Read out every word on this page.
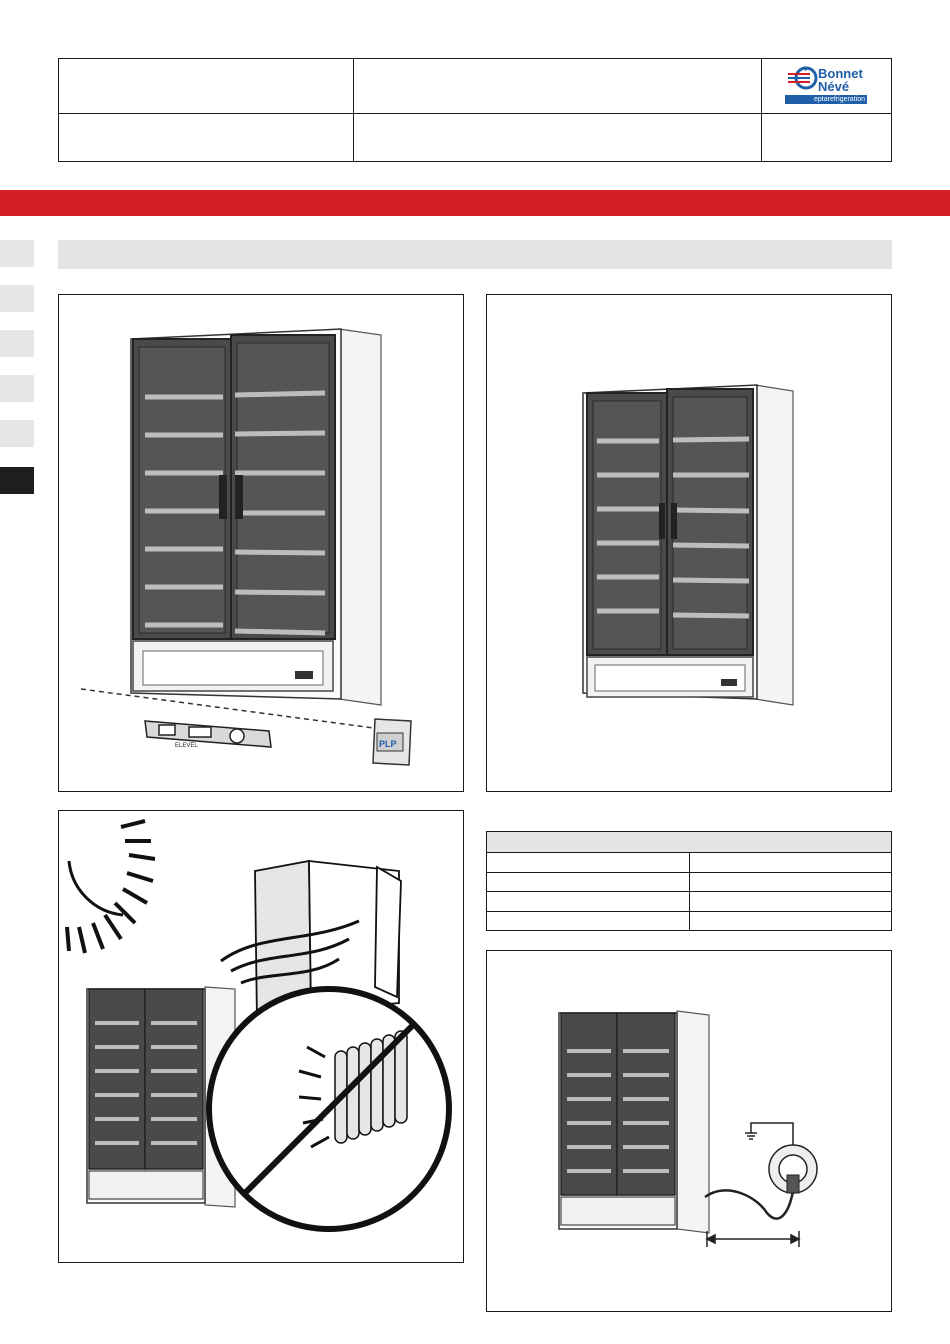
Bonnet
Névé
eptarefrigeration
ELEVEL	PLP
